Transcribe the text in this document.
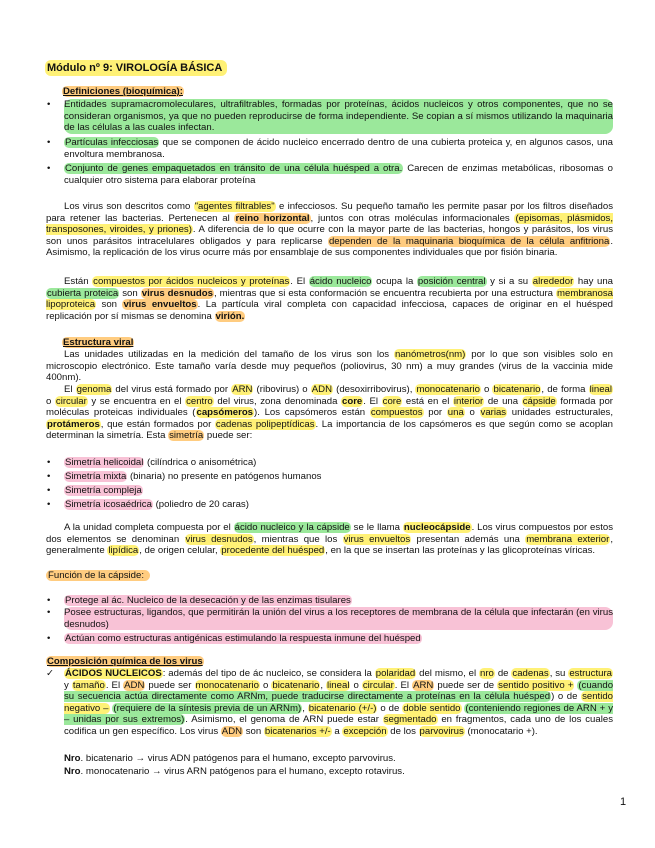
Módulo nº 9: VIROLOGÍA BÁSICA
Definiciones (bioquímica):
• Entidades supramacromoleculares, ultrafiltrables, formadas por proteínas, ácidos nucleicos y otros componentes, que no se consideran organismos, ya que no pueden reproducirse de forma independiente. Se copian a sí mismos utilizando la maquinaria de las células a las cuales infectan.
• Partículas infecciosas que se componen de ácido nucleico encerrado dentro de una cubierta proteica y, en algunos casos, una envoltura membranosa.
• Conjunto de genes empaquetados en tránsito de una célula huésped a otra. Carecen de enzimas metabólicas, ribosomas o cualquier otro sistema para elaborar proteína
Los virus son descritos como "agentes filtrables" e infecciosos. Su pequeño tamaño les permite pasar por los filtros diseñados para retener las bacterias. Pertenecen al reino horizontal, juntos con otras moléculas informacionales (episomas, plásmidos, transposones, viroides, y priones). A diferencia de lo que ocurre con la mayor parte de las bacterias, hongos y parásitos, los virus son unos parásitos intracelulares obligados y para replicarse dependen de la maquinaria bioquímica de la célula anfitriona. Asimismo, la replicación de los virus ocurre más por ensamblaje de sus componentes individuales que por fisión binaria.
Están compuestos por ácidos nucleicos y proteínas. El ácido nucleico ocupa la posición central y si a su alrededor hay una cubierta proteica son virus desnudos, mientras que si esta conformación se encuentra recubierta por una estructura membranosa lipoproteica son virus envueltos. La partícula viral completa con capacidad infecciosa, capaces de originar en el huésped replicación por sí mismas se denomina virión.
Estructura viral
Las unidades utilizadas en la medición del tamaño de los virus son los nanómetros(nm) por lo que son visibles solo en microscopio electrónico. Este tamaño varía desde muy pequeños (poliovirus, 30 nm) a muy grandes (virus de la vaccinia mide 400nm).
El genoma del virus está formado por ARN (ribovirus) o ADN (desoxirribovirus), monocatenario o bicatenario, de forma lineal o circular y se encuentra en el centro del virus, zona denominada core. El core está en el interior de una cápside formada por moléculas proteicas individuales (capsómeros). Los capsómeros están compuestos por una o varias unidades estructurales, protámeros, que están formados por cadenas polipeptídicas. La importancia de los capsómeros es que según como se acoplan determinan la simetría. Esta simetría puede ser:
• Simetría helicoidal (cilíndrica o anisométrica)
• Simetría mixta (binaria) no presente en patógenos humanos
• Simetría compleja
• Simetría icosaédrica (poliedro de 20 caras)
A la unidad completa compuesta por el ácido nucleico y la cápside se le llama nucleocápside. Los virus compuestos por estos dos elementos se denominan virus desnudos, mientras que los virus envueltos presentan además una membrana exterior, generalmente lipídica, de origen celular, procedente del huésped, en la que se insertan las proteínas y las glicoproteínas víricas.
Función de la cápside:
• Protege al ác. Nucleico de la desecación y de las enzimas tisulares
• Posee estructuras, ligandos, que permitirán la unión del virus a los receptores de membrana de la célula que infectarán (en virus desnudos)
• Actúan como estructuras antigénicas estimulando la respuesta inmune del huésped
Composición química de los virus
✓ ÁCIDOS NUCLEICOS: además del tipo de ác nucleico, se considera la polaridad del mismo, el nro de cadenas, su estructura y tamaño. El ADN puede ser monocatenario o bicatenario, lineal o circular. El ARN puede ser de sentido positivo + (cuando su secuencia actúa directamente como ARNm, puede traducirse directamente a proteínas en la célula huésped) o de sentido negativo – (requiere de la síntesis previa de un ARNm), bicatenario (+/-) o de doble sentido (conteniendo regiones de ARN + y – unidas por sus extremos). Asimismo, el genoma de ARN puede estar segmentado en fragmentos, cada uno de los cuales codifica un gen específico. Los virus ADN son bicatenarios +/- a excepción de los parvovirus (monocatario +).
Nro. bicatenario → virus ADN patógenos para el humano, excepto parvovirus.
Nro. monocatenario → virus ARN patógenos para el humano, excepto rotavirus.
1
